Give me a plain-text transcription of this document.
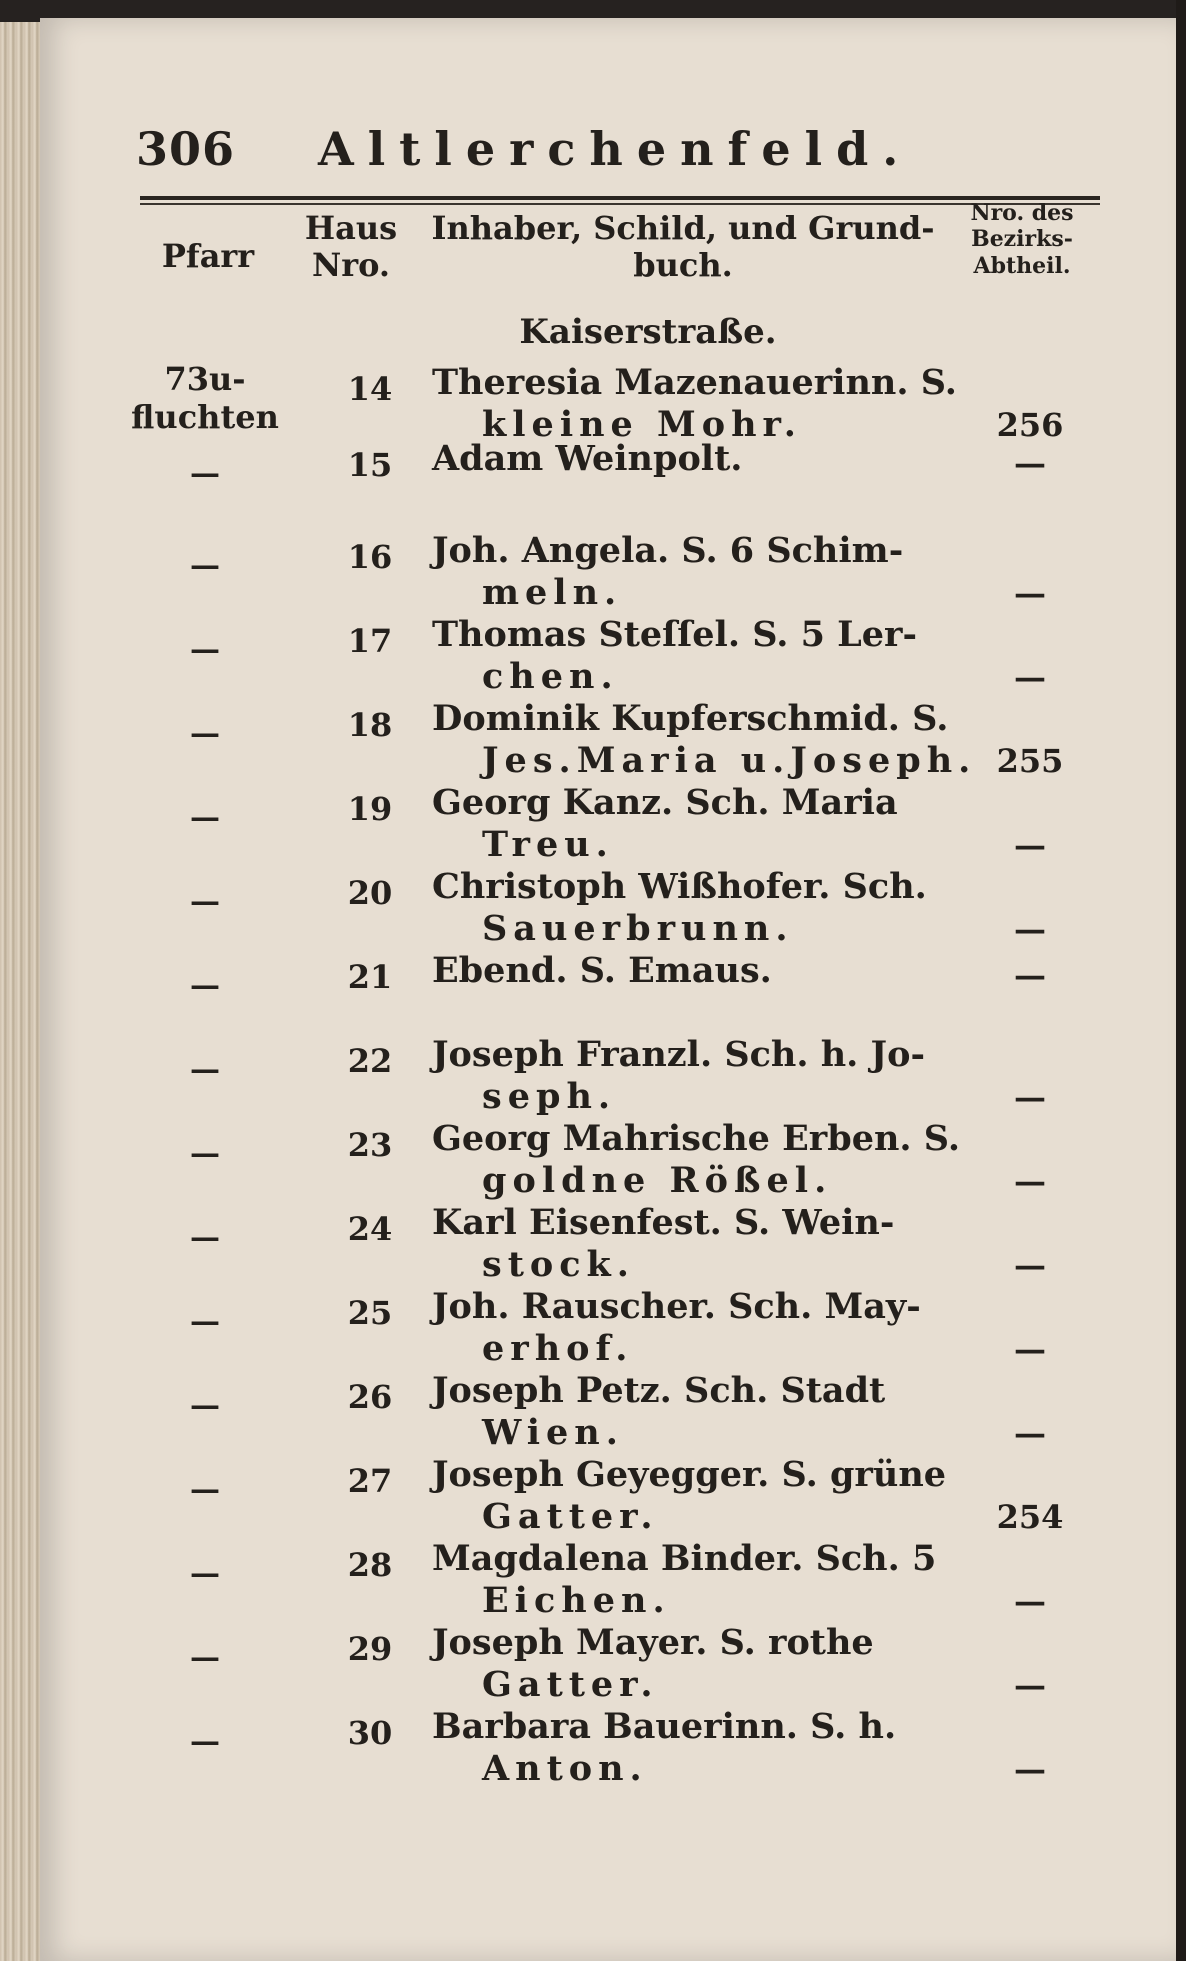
306 Altlerchenfeld.
Pfarr
Haus Nro.
Inhaber, Schild, und Grund- buch.
Nro. des Bezirks- Abtheil.
Kaiserstraße.
73u- fluchten
14	Theresia Mazenauerinn. S.
kleine Mohr.	256
—	15	Adam Weinpolt.	—
—	16	Joh. Angela. S. 6 Schim-
meln.	—
—	17	Thomas Steſſel. S. 5 Ler-
chen.	—
—	18	Dominik Kupferschmid. S.
Jes.Maria u.Joseph. 255
—	19	Georg Kanz. Sch. Maria
Treu.	—
—	20	Christoph Wißhofer. Sch.
Sauerbrunn.	—
—	21	Ebend. S. Emaus.	—
—	22	Joseph Franzl. Sch. h. Jo-
seph.	—
—	23	Georg Mahrische Erben. S.
goldne Rößel.	—
—	24	Karl Eisenfest. S. Wein-
stock.	—
—	25	Joh. Rauscher. Sch. May-
erhof.	—
—	26	Joseph Petz. Sch. Stadt
Wien.	—
—	27	Joseph Geyegger. S. grüne
Gatter.	254
—	28	Magdalena Binder. Sch. 5
Eichen.	—
—	29	Joseph Mayer. S. rothe
Gatter.	—
—	30	Barbara Bauerinn. S. h.
Anton.	—
